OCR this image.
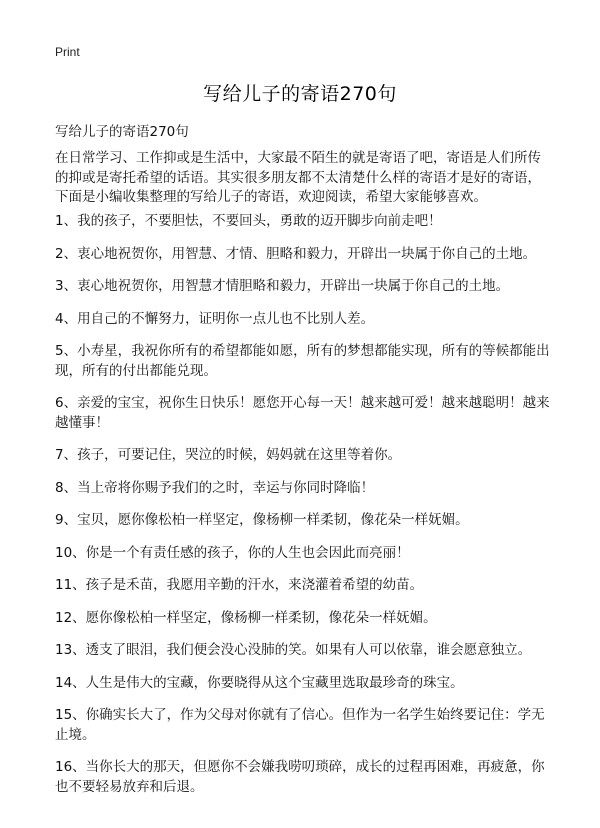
Print
写给儿子的寄语270句
写给儿子的寄语270句

在日常学习、工作抑或是生活中，大家最不陌生的就是寄语了吧，寄语是人们所传的抑或是寄托希望的话语。其实很多朋友都不太清楚什么样的寄语才是好的寄语，下面是小编收集整理的写给儿子的寄语，欢迎阅读，希望大家能够喜欢。

1、我的孩子，不要胆怯，不要回头，勇敢的迈开脚步向前走吧！
2、衷心地祝贺你，用智慧、才情、胆略和毅力，开辟出一块属于你自己的土地。
3、衷心地祝贺你，用智慧才情胆略和毅力，开辟出一块属于你自己的土地。
4、用自己的不懈努力，证明你一点儿也不比别人差。
5、小寿星，我祝你所有的希望都能如愿，所有的梦想都能实现，所有的等候都能出现，所有的付出都能兑现。
6、亲爱的宝宝，祝你生日快乐！愿您开心每一天！越来越可爱！越来越聪明！越来越懂事！
7、孩子，可要记住，哭泣的时候，妈妈就在这里等着你。
8、当上帝将你赐予我们的之时，幸运与你同时降临！
9、宝贝，愿你像松柏一样坚定，像杨柳一样柔韧，像花朵一样妩媚。
10、你是一个有责任感的孩子，你的人生也会因此而亮丽！
11、孩子是禾苗，我愿用辛勤的汗水，来浇灌着希望的幼苗。
12、愿你像松柏一样坚定，像杨柳一样柔韧，像花朵一样妩媚。
13、透支了眼泪，我们便会没心没肺的笑。如果有人可以依靠，谁会愿意独立。
14、人生是伟大的宝藏，你要晓得从这个宝藏里选取最珍奇的珠宝。
15、你确实长大了，作为父母对你就有了信心。但作为一名学生始终要记住：学无止境。
16、当你长大的那天，但愿你不会嫌我唠叨琐碎，成长的过程再困难，再疲惫，你也不要轻易放弃和后退。
